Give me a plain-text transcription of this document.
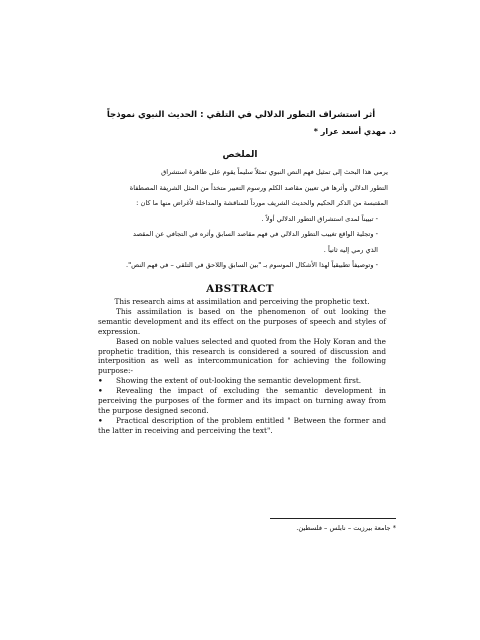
أثر استشراف التطور الدلالي في التلقي : الحديث النبوي نموذجاً
د. مهدي أسعد عرار *
الملخص

يرمي هذا البحث إلى تمثيل فهم النص النبوي تمثلاً سليماً يقوم على ظاهرة استشراق

التطور الدلالي وأثرها في تعيين مقاصد الكلم ورسوم التعبير متخذاً من المثل الشريفة المصطفاة

المقتبسة من الذكر الحكيم والحديث الشريف مورداً للمناقشة والمداخلة لأغراض منها ما كان :

- تبييناً لمدى استشراق التطور الدلالي أولاً .

- وتجلية الواقع تغييب التطور الدلالي في فهم مقاصد السابق وأثره في التجافي عن المقصد

الذي رمي إليه ثانياً .

- وتوصيفاً تطبيقياً لهذا الأشكال الموسوم بـ "بين السابق واللاحق في التلقي – في فهم النص".

ABSTRACT

This research aims at assimilation and perceiving the prophetic text.

This assimilation is based on the phenomenon of out looking the semantic development and its effect on the purposes of speech and styles of expression.

Based on noble values selected and quoted from the Holy Koran and the prophetic tradition, this research is considered a soured of discussion and interposition as well as intercommunication for achieving the following purpose:-

• Showing the extent of out-looking the semantic development first.

• Revealing the impact of excluding the semantic development in perceiving the purposes of the former and its impact on turning away from the purpose designed second.

• Practical description of the problem entitled " Between the former and the latter in receiving and perceiving the text".

* جامعة بيرزيت – نابلس – فلسطين.
